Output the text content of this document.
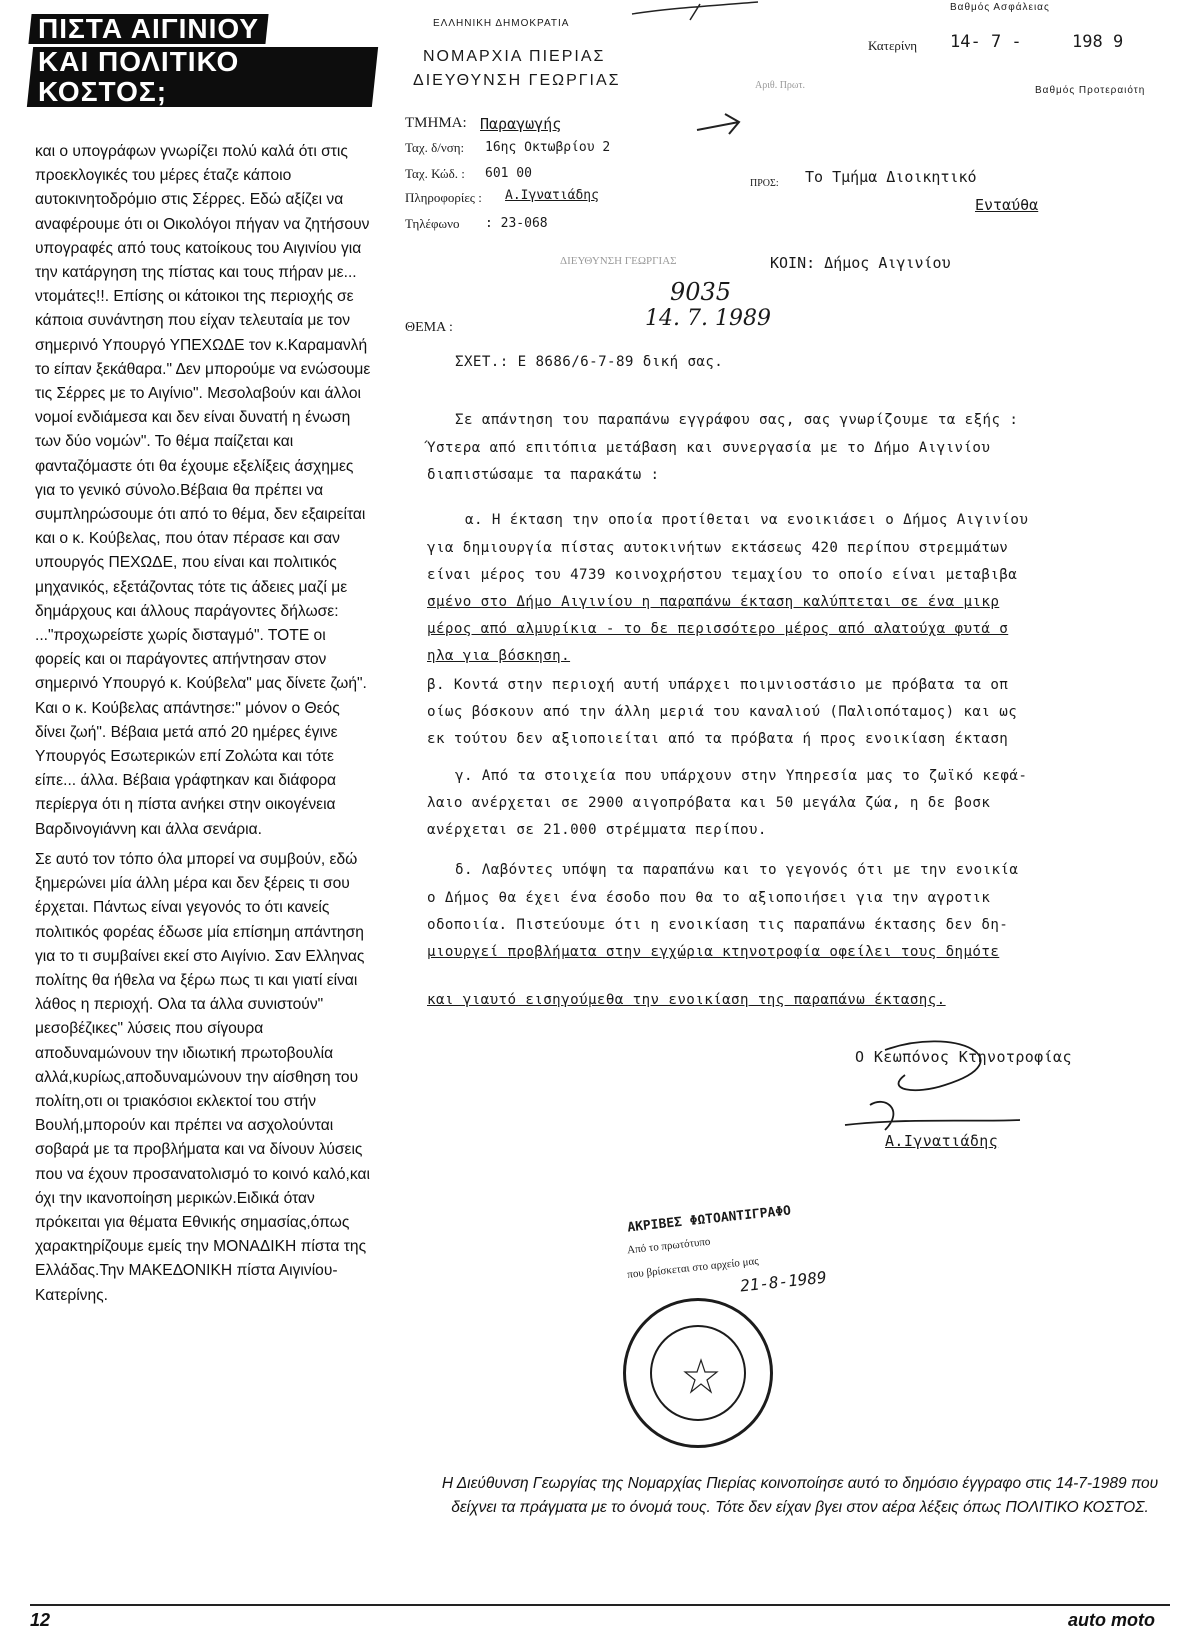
ΠΙΣΤΑ ΑΙΓΙΝΙΟΥ
ΚΑΙ ΠΟΛΙΤΙΚΟ ΚΟΣΤΟΣ;

και ο υπογράφων γνωρίζει πολύ καλά ότι στις προεκλογικές του μέρες έταζε κάποιο αυτοκινητοδρόμιο στις Σέρρες. Εδώ αξίζει να αναφέρουμε ότι οι Οικολόγοι πήγαν να ζητήσουν υπογραφές από τους κατοίκους του Αιγινίου για την κατάργηση της πίστας και τους πήραν με... ντομάτες!!. Επίσης οι κάτοικοι της περιοχής σε κάποια συνάντηση που είχαν τελευταία με τον σημερινό Υπουργό ΥΠΕΧΩΔΕ τον κ.Καραμανλή το είπαν ξεκάθαρα." Δεν μπορούμε να ενώσουμε τις Σέρρες με το Αιγίνιο". Μεσολαβούν και άλλοι νομοί ενδιάμεσα και δεν είναι δυνατή η ένωση των δύο νομών". Το θέμα παίζεται και φανταζόμαστε ότι θα έχουμε εξελίξεις άσχημες για το γενικό σύνολο.Βέβαια θα πρέπει να συμπληρώσουμε ότι από το θέμα, δεν εξαιρείται και ο κ. Κούβελας, που όταν πέρασε και σαν υπουργός ΠΕΧΩΔΕ, που είναι και πολιτικός μηχανικός, εξετάζοντας τότε τις άδειες μαζί με δημάρχους και άλλους παράγοντες δήλωσε: ..."προχωρείστε χωρίς δισταγμό". ΤΟΤΕ οι φορείς και οι παράγοντες απήντησαν στον σημερινό Υπουργό κ. Κούβελα" μας δίνετε ζωή". Και ο κ. Κούβελας απάντησε:" μόνον ο Θεός δίνει ζωή". Βέβαια μετά από 20 ημέρες έγινε Υπουργός Εσωτερικών επί Ζολώτα και τότε είπε... άλλα. Βέβαια γράφτηκαν και διάφορα περίεργα ότι η πίστα ανήκει στην οικογένεια Βαρδινογιάννη και άλλα σενάρια.

Σε αυτό τον τόπο όλα μπορεί να συμβούν, εδώ ξημερώνει μία άλλη μέρα και δεν ξέρεις τι σου έρχεται. Πάντως είναι γεγονός το ότι κανείς πολιτικός φορέας έδωσε μία επίσημη απάντηση για το τι συμβαίνει εκεί στο Αιγίνιο. Σαν Ελληνας πολίτης θα ήθελα να ξέρω πως τι και γιατί είναι λάθος η περιοχή. Ολα τα άλλα συνιστούν" μεσοβέζικες" λύσεις που σίγουρα αποδυναμώνουν την ιδιωτική πρωτοβουλία

αλλά,κυρίως,αποδυναμώνουν την αίσθηση του πολίτη,οτι οι τριακόσιοι εκλεκτοί του στήν Βουλή,μπορούν και πρέπει να ασχολούνται σοβαρά με τα προβλήματα και να δίνουν λύσεις που να έχουν προσανατολισμό το κοινό καλό,και όχι την ικανοποίηση μερικών.Ειδικά όταν πρόκειται για θέματα Εθνικής σημασίας,όπως χαρακτηρίζουμε εμείς την ΜΟΝΑΔΙΚΗ πίστα της Ελλάδας.Την ΜΑΚΕΔΟΝΙΚΗ πίστα Αιγινίου-Κατερίνης.

ΕΛΛΗΝΙΚΗ ΔΗΜΟΚΡΑΤΙΑ
ΝΟΜΑΡΧΙΑ ΠΙΕΡΙΑΣ
ΔΙΕΥΘΥΝΣΗ ΓΕΩΡΓΙΑΣ
Βαθμός Ασφάλειας
Κατερίνη 14- 7 -	198 9
Αριθ. Πρωτ.	Βαθμός Προτεραιότη
ΤΜΗΜΑ: Παραγωγής
Ταχ. δ/νση: 16ης Οκτωβρίου 2
Ταχ. Κώδ. : 601 00
Πληροφορίες : Α.Ιγνατιάδης
Τηλέφωνο : 23-068
ΠΡΟΣ: Το Τμήμα Διοικητικό
Ενταύθα
ΚΟΙΝ: Δήμος Αιγινίου
ΔΙΕΥΘΥΝΣΗ ΓΕΩΡΓΙΑΣ
9035
14. 7. 1989
ΘΕΜΑ :
ΣΧΕΤ.: Ε 8686/6-7-89 δική σας.
Σε απάντηση του παραπάνω εγγράφου σας, σας γνωρίζουμε τα εξής :
Ύστερα από επιτόπια μετάβαση και συνεργασία με το Δήμο Αιγινίου
διαπιστώσαμε τα παρακάτω :
α. Η έκταση την οποία προτίθεται να ενοικιάσει ο Δήμος Αιγινίου
για δημιουργία πίστας αυτοκινήτων εκτάσεως 420 περίπου στρεμμάτων
είναι μέρος του 4739 κοινοχρήστου τεμαχίου το οποίο είναι μεταβιβα
σμένο στο Δήμο Αιγινίου η παραπάνω έκταση καλύπτεται σε ένα μικρ
μέρος από αλμυρίκια - το δε περισσότερο μέρος από αλατούχα φυτά σ
ηλα για βόσκηση.
β. Κοντά στην περιοχή αυτή υπάρχει ποιμνιοστάσιο με πρόβατα τα οπ
οίως βόσκουν από την άλλη μεριά του καναλιού (Παλιοπόταμος) και ως
εκ τούτου δεν αξιοποιείται από τα πρόβατα ή προς ενοικίαση έκταση
γ. Από τα στοιχεία που υπάρχουν στην Υπηρεσία μας το ζωϊκό κεφά-
λαιο ανέρχεται σε 2900 αιγοπρόβατα και 50 μεγάλα ζώα, η δε βοσκ
ανέρχεται σε 21.000 στρέμματα περίπου.
δ. Λαβόντες υπόψη τα παραπάνω και το γεγονός ότι με την ενοικία
ο Δήμος θα έχει ένα έσοδο που θα το αξιοποιήσει για την αγροτικ
οδοποιία. Πιστεύουμε ότι η ενοικίαση τις παραπάνω έκτασης δεν δη-
μιουργεί προβλήματα στην εγχώρια κτηνοτροφία οφείλει τους δημότε
και γιαυτό εισηγούμεθα την ενοικίαση της παραπάνω έκτασης.
Ο Κεωπόνος Κτηνοτροφίας
Α.Ιγνατιάδης
ΑΚΡΙΒΕΣ ΦΩΤΟΑΝΤΙΓΡΑΦΟ
Από το πρωτότυπο
που βρίσκεται στο αρχείο μας
21-8-1989
Η Διεύθυνση Γεωργίας της Νομαρχίας Πιερίας κοινοποίησε αυτό το δημόσιο έγγραφο στις 14-7-1989 που δείχνει τα πράγματα με το όνομά τους. Τότε δεν είχαν βγει στον αέρα λέξεις όπως ΠΟΛΙΤΙΚΟ ΚΟΣΤΟΣ.
12	auto moto
